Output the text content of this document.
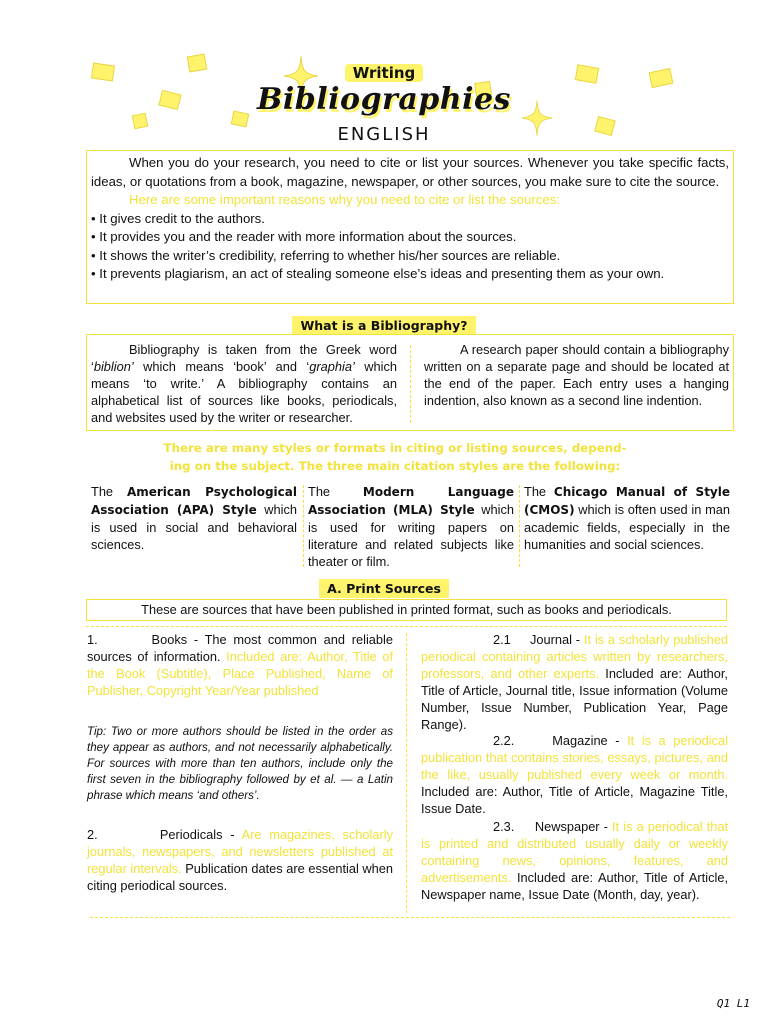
Writing
Bibliographies
ENGLISH

When you do your research, you need to cite or list your sources. Whenever you take specific facts, ideas, or quotations from a book, magazine, newspaper, or other sources, you make sure to cite the source.

Here are some important reasons why you need to cite or list the sources:

• It gives credit to the authors.

• It provides you and the reader with more information about the sources.

• It shows the writer’s credibility, referring to whether his/her sources are reliable.

• It prevents plagiarism, an act of stealing someone else’s ideas and presenting them as your own.

What is a Bibliography?
Bibliography is taken from the Greek word ‘biblion’ which means ‘book’ and ‘graphia’ which means ‘to write.’ A bibliography contains an alphabetical list of sources like books, periodicals, and websites used by the writer or researcher.
A research paper should contain a bibliography written on a separate page and should be located at the end of the paper. Each entry uses a hanging indention, also known as a second line indention.
There are many styles or formats in citing or listing sources, depend-
ing on the subject. The three main citation styles are the following:
The American Psychological Association (APA) Style which is used in social and behavioral sciences.
The Modern Language Association (MLA) Style which is used for writing papers on literature and related subjects like theater or film.
The Chicago Manual of Style (CMOS) which is often used in man academic fields, especially in the humanities and social sciences.
A. Print Sources
These are sources that have been published in printed format, such as books and periodicals.
1.	Books - The most common and reliable sources of information. Included are: Author, Title of the Book (Subtitle), Place Published, Name of Publisher, Copyright Year/Year published
Tip: Two or more authors should be listed in the order as they appear as authors, and not necessarily alphabetically. For sources with more than ten authors, include only the first seven in the bibliography followed by et al. — a Latin phrase which means ‘and others’.
2.	Periodicals - Are magazines, scholarly journals, newspapers, and newsletters published at regular intervals. Publication dates are essential when citing periodical sources.
2.1 Journal - It is a scholarly published periodical containing articles written by researchers, professors, and other experts. Included are: Author, Title of Article, Journal title, Issue information (Volume Number, Issue Number, Publication Year, Page Range).
2.2.	Magazine - It is a periodical publication that contains stories, essays, pictures, and the like, usually published every week or month. Included are: Author, Title of Article, Magazine Title, Issue Date.
2.3. Newspaper - It is a periodical that is printed and distributed usually daily or weekly containing news, opinions, features, and advertisements. Included are: Author, Title of Article, Newspaper name, Issue Date (Month, day, year).
Q1 L1
